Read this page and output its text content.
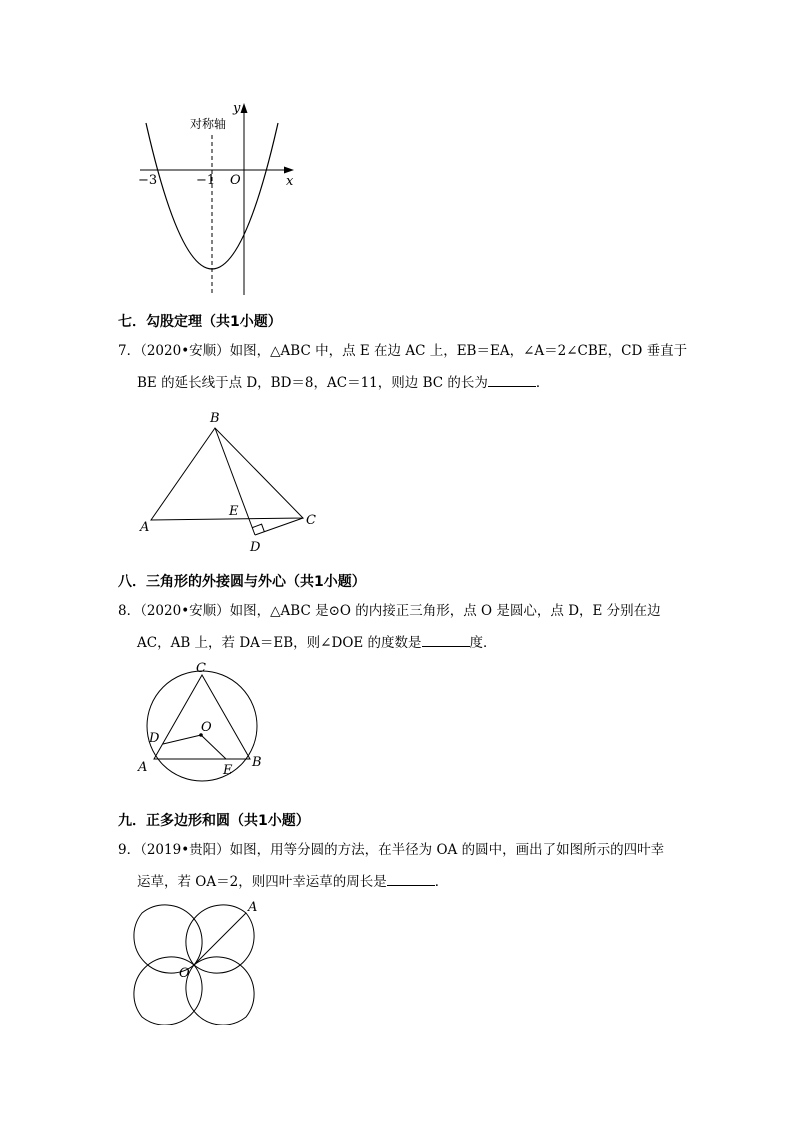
y
x
对称轴
O
−3	−1
七．勾股定理（共1小题）
7．（2020•安顺）如图，△ABC 中，点 E 在边 AC 上，EB＝EA，∠A＝2∠CBE，CD 垂直于
BE 的延长线于点 D，BD＝8，AC＝11，则边 BC 的长为	．
A
B
C
E
D
八．三角形的外接圆与外心（共1小题）
8．（2020•安顺）如图，△ABC 是⊙O 的内接正三角形，点 O 是圆心，点 D，E 分别在边
AC，AB 上，若 DA＝EB，则∠DOE 的度数是	度．
C
O
D
A	E
B
九．正多边形和圆（共1小题）
9．（2019•贵阳）如图，用等分圆的方法，在半径为 OA 的圆中，画出了如图所示的四叶幸
运草，若 OA＝2，则四叶幸运草的周长是	．
A
O
